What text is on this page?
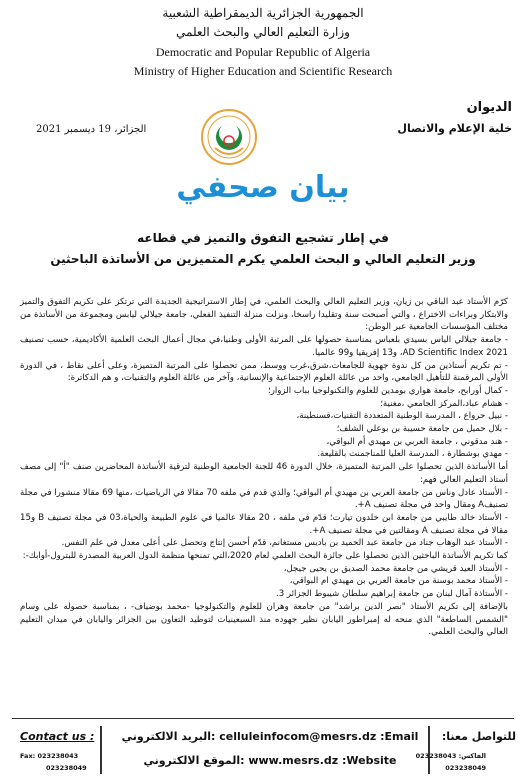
الجمهورية الجزائرية الديمقراطية الشعبية
وزارة التعليم العالي والبحث العلمي
Democratic and Popular Republic of Algeria
Ministry of Higher Education and Scientific Research
الديوان
خلية الإعلام والاتصال
الجزائر، 19 ديسمبر 2021
بيان صحفي
في إطار تشجيع التفوق والتميز في قطاعه
وزير التعليم العالي و البحث العلمي يكرم المتميزين من الأساتذة الباحثين

كرّم الأستاذ عبد الباقي بن زيان، وزير التعليم العالي والبحث العلمي، في إطار الاستراتيجية الجديدة التي ترتكز على تكريم التفوق والتميز والابتكار وبراءات الاختراع ، والتي أصبحت سنة وتقليدا راسخا، ونزلت منزلة التنفيذ الفعلي، جامعة جيلالي ليابس ومجموعة من الأساتذة من مختلف المؤسسات الجامعية عبر الوطن:

- جامعة جيلالي الياس بسيدي بلعباس بمناسبة حصولها على المرتبة الأولى وطنيا،في مجال أعمال البحث العلمية الأكاديمية، حسب تصنيف AD Scientific Index 2021، و13 إفريقيا و99 عالميا.

- تم تكريم أستاذين من كل ندوة جهوية للجامعات،شرق،غرب ووسط، ممن تحصلوا على المرتبة المتميزة، وعلى أعلى نقاط ، في الدورة الأولى المرقمنة للتأهيل الجامعي، واحد من عائلة العلوم الإجتماعية والإنسانية، وآخر من عائلة العلوم والتقنيات، و هم الدكاترة:

- كمال أورابح، جامعة هواري بومدين للعلوم والتكنولوجيا بباب الزوار؛

- هشام عباد،المركز الجامعي ،مغنية؛

- نبيل حرواع ، المدرسة الوطنية المتعددة التقنيات،قسنطينة،

- بلال حميل من جامعة حسيبة بن بوعلي الشلف؛

- هند مدقوني ، جامعة العربي بن مهيدي أم البواقي،

- مهدي بوشطارة ، المدرسة العليا للمناجمنت بالقليعة.

أما الأساتذة الذين تحصلوا على المرتبة المتميزة، خلال الدورة 46 للجنة الجامعية الوطنية لترقية الأساتذة المحاضرين صنف "أ" إلى مصف أستاذ التعليم العالي فهم:

- الأستاذ عادل وناس من جامعة العربي بن مهيدي أم البواقي؛ والذي قدم في ملفه 70 مقالا في الرياضيات ،منها 69 مقالا منشورا في مجلة تصنيفA ومقال واحد في مجلة تصنيف A+.

- الأستاذ خالد طايبي من جامعة ابن خلدون تيارت؛ قدّم في ملفه ، 20 مقالا عالميا في علوم الطبيعة والحياة،03 في مجلة تصنيف B و15 مقالا في مجلة تصنيف A ومقالتين في مجلة تصنيف A+.

- الأستاذ عبد الوهاب جناد من جامعة عبد الحميد بن باديس مستغانم، قدّم أحسن إنتاج وتحصل على أعلى معدل في علم النفس.

كما تكريم الأساتذة الباحثين الذين تحصلوا على جائزة البحث العلمي لعام 2020،التي تمنحها منظمة الدول العربية المصدرة للبترول-أوابك-:

- الأستاذ العيد قريشي من جامعة محمد الصديق بن يحيى جيجل،

- الأستاذ محمد بوسنة من جامعة العربي بن مهيدي ام البواقي،

- الأستاذة آمال لبنان من جامعة إبراهيم سلطان شيبوط الجزائر 3.

بالإضافة إلى تكريم الأستاذ "نصر الدين براشد" من جامعة وهران للعلوم والتكنولوجيا -محمد بوضياف- ، بمناسبة حصوله على وسام "الشمس الساطعة" الذي منحه له إمبراطور اليابان نظير جهوده منذ السبعينيات لتوطيد التعاون بين الجزائر واليابان في ميدان التعليم العالي والبحث العلمي.

للتواصل معنا:
الفاكس: 023238043
023238049
البريد الالكتروني: celluleinfocom@mesrs.dz :Email
الموقع الالكتروني: www.mesrs.dz :Website
Contact us :
Fax: 023238043
023238049
